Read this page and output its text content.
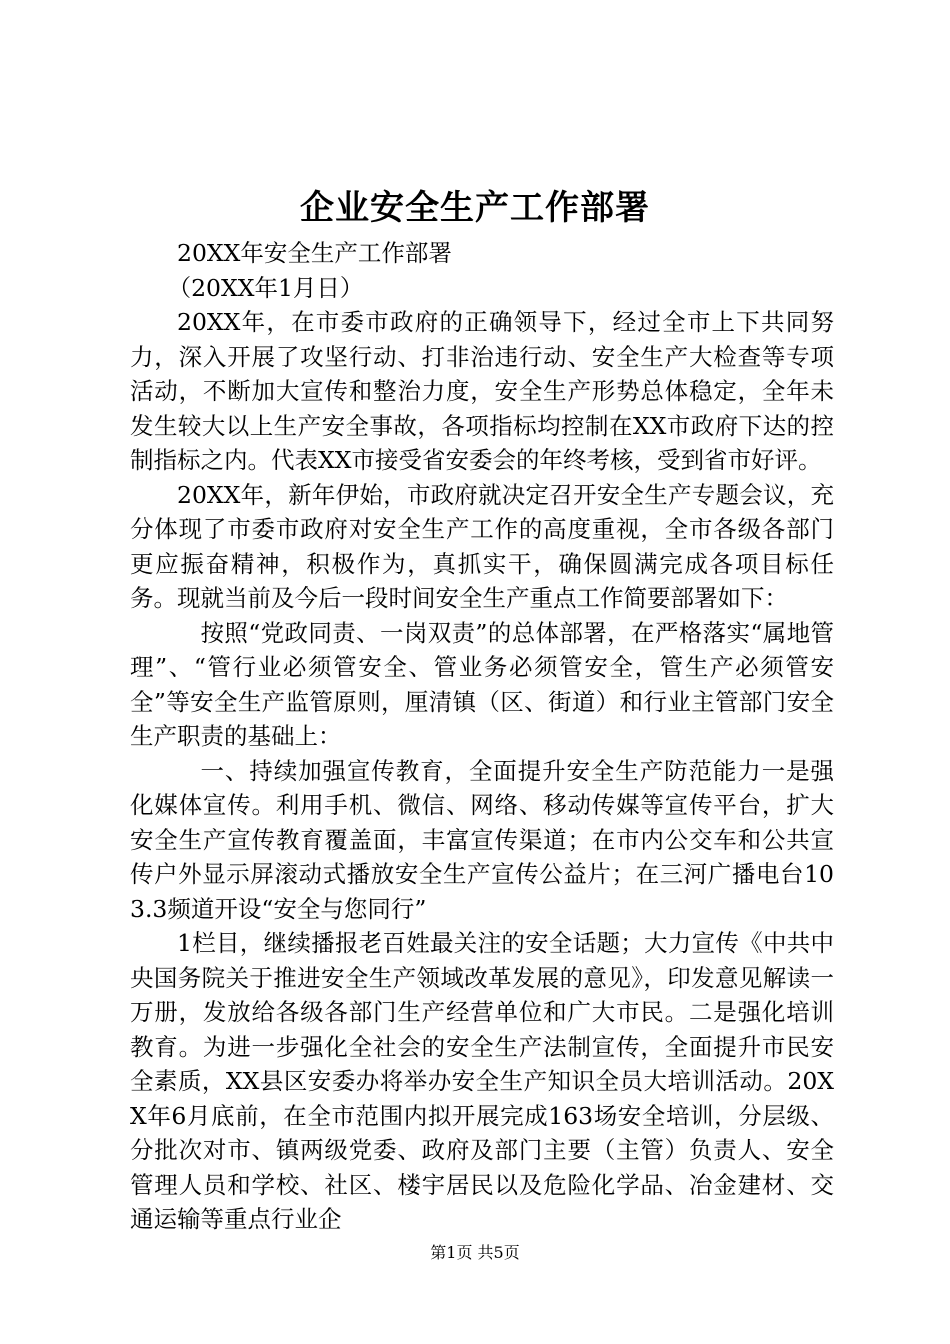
企业安全生产工作部署

20XX年安全生产工作部署

（20XX年1月日）

20XX年，在市委市政府的正确领导下，经过全市上下共同努力，深入开展了攻坚行动、打非治违行动、安全生产大检查等专项活动，不断加大宣传和整治力度，安全生产形势总体稳定，全年未发生较大以上生产安全事故，各项指标均控制在XX市政府下达的控制指标之内。代表XX市接受省安委会的年终考核，受到省市好评。

20XX年，新年伊始，市政府就决定召开安全生产专题会议，充分体现了市委市政府对安全生产工作的高度重视，全市各级各部门更应振奋精神，积极作为，真抓实干，确保圆满完成各项目标任务。现就当前及今后一段时间安全生产重点工作简要部署如下：

按照“党政同责、一岗双责”的总体部署，在严格落实“属地管理”、“管行业必须管安全、管业务必须管安全，管生产必须管安全”等安全生产监管原则，厘清镇（区、街道）和行业主管部门安全生产职责的基础上：

一、持续加强宣传教育，全面提升安全生产防范能力一是强化媒体宣传。利用手机、微信、网络、移动传媒等宣传平台，扩大安全生产宣传教育覆盖面，丰富宣传渠道；在市内公交车和公共宣传户外显示屏滚动式播放安全生产宣传公益片；在三河广播电台103.3频道开设“安全与您同行”

1栏目，继续播报老百姓最关注的安全话题；大力宣传《中共中央国务院关于推进安全生产领域改革发展的意见》，印发意见解读一万册，发放给各级各部门生产经营单位和广大市民。二是强化培训教育。为进一步强化全社会的安全生产法制宣传，全面提升市民安全素质，XX县区安委办将举办安全生产知识全员大培训活动。20XX年6月底前，在全市范围内拟开展完成163场安全培训，分层级、分批次对市、镇两级党委、政府及部门主要（主管）负责人、安全管理人员和学校、社区、楼宇居民以及危险化学品、冶金建材、交通运输等重点行业企

第1页 共5页
